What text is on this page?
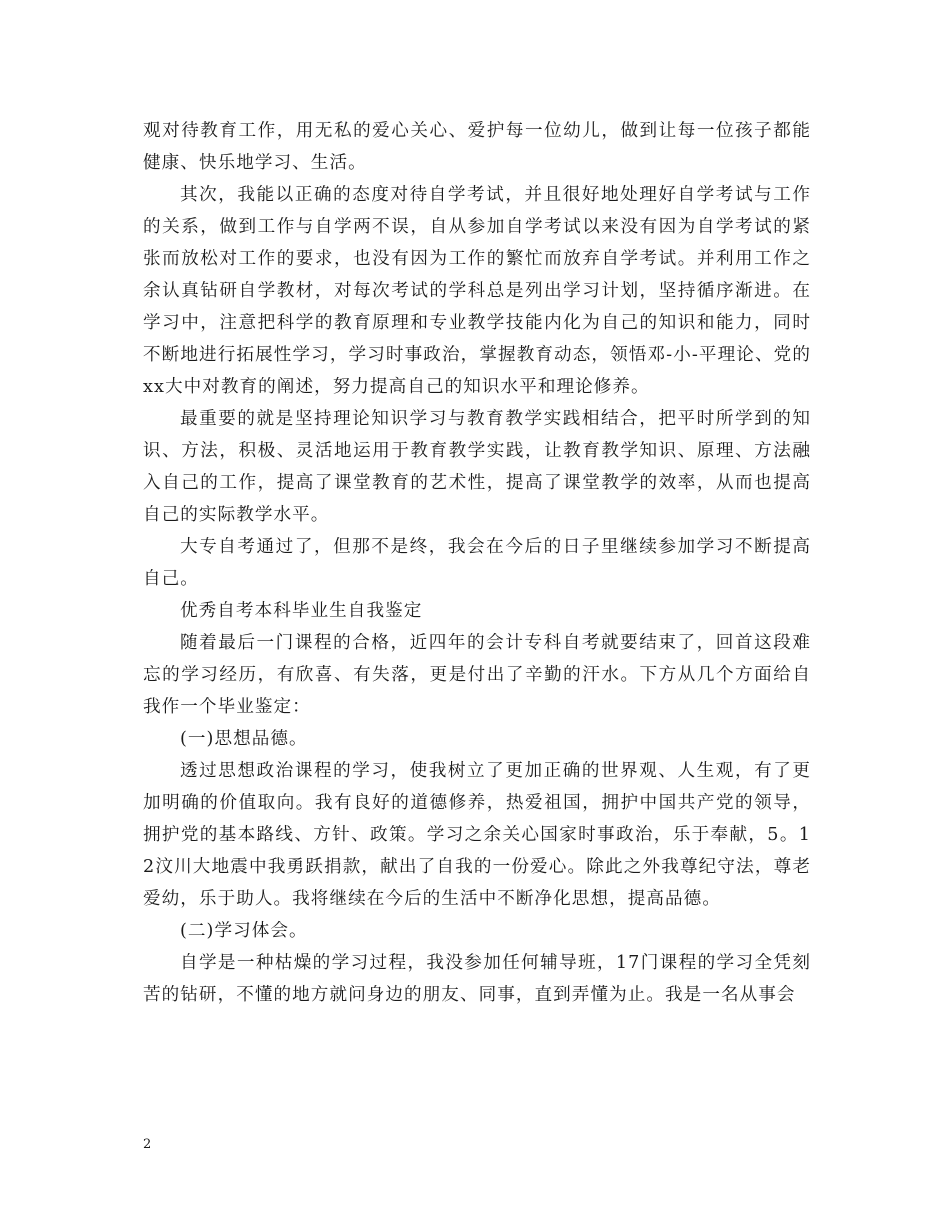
观对待教育工作，用无私的爱心关心、爱护每一位幼儿，做到让每一位孩子都能健康、快乐地学习、生活。

其次，我能以正确的态度对待自学考试，并且很好地处理好自学考试与工作的关系，做到工作与自学两不误，自从参加自学考试以来没有因为自学考试的紧张而放松对工作的要求，也没有因为工作的繁忙而放弃自学考试。并利用工作之余认真钻研自学教材，对每次考试的学科总是列出学习计划，坚持循序渐进。在学习中，注意把科学的教育原理和专业教学技能内化为自己的知识和能力，同时不断地进行拓展性学习，学习时事政治，掌握教育动态，领悟邓-小-平理论、党的xx大中对教育的阐述，努力提高自己的知识水平和理论修养。

最重要的就是坚持理论知识学习与教育教学实践相结合，把平时所学到的知识、方法，积极、灵活地运用于教育教学实践，让教育教学知识、原理、方法融入自己的工作，提高了课堂教育的艺术性，提高了课堂教学的效率，从而也提高自己的实际教学水平。

大专自考通过了，但那不是终，我会在今后的日子里继续参加学习不断提高自己。

优秀自考本科毕业生自我鉴定

随着最后一门课程的合格，近四年的会计专科自考就要结束了，回首这段难忘的学习经历，有欣喜、有失落，更是付出了辛勤的汗水。下方从几个方面给自我作一个毕业鉴定：

(一)思想品德。

透过思想政治课程的学习，使我树立了更加正确的世界观、人生观，有了更加明确的价值取向。我有良好的道德修养，热爱祖国，拥护中国共产党的领导，拥护党的基本路线、方针、政策。学习之余关心国家时事政治，乐于奉献，5。12汶川大地震中我勇跃捐款，献出了自我的一份爱心。除此之外我尊纪守法，尊老爱幼，乐于助人。我将继续在今后的生活中不断净化思想，提高品德。

(二)学习体会。

自学是一种枯燥的学习过程，我没参加任何辅导班，17门课程的学习全凭刻苦的钻研，不懂的地方就问身边的朋友、同事，直到弄懂为止。我是一名从事会

2
